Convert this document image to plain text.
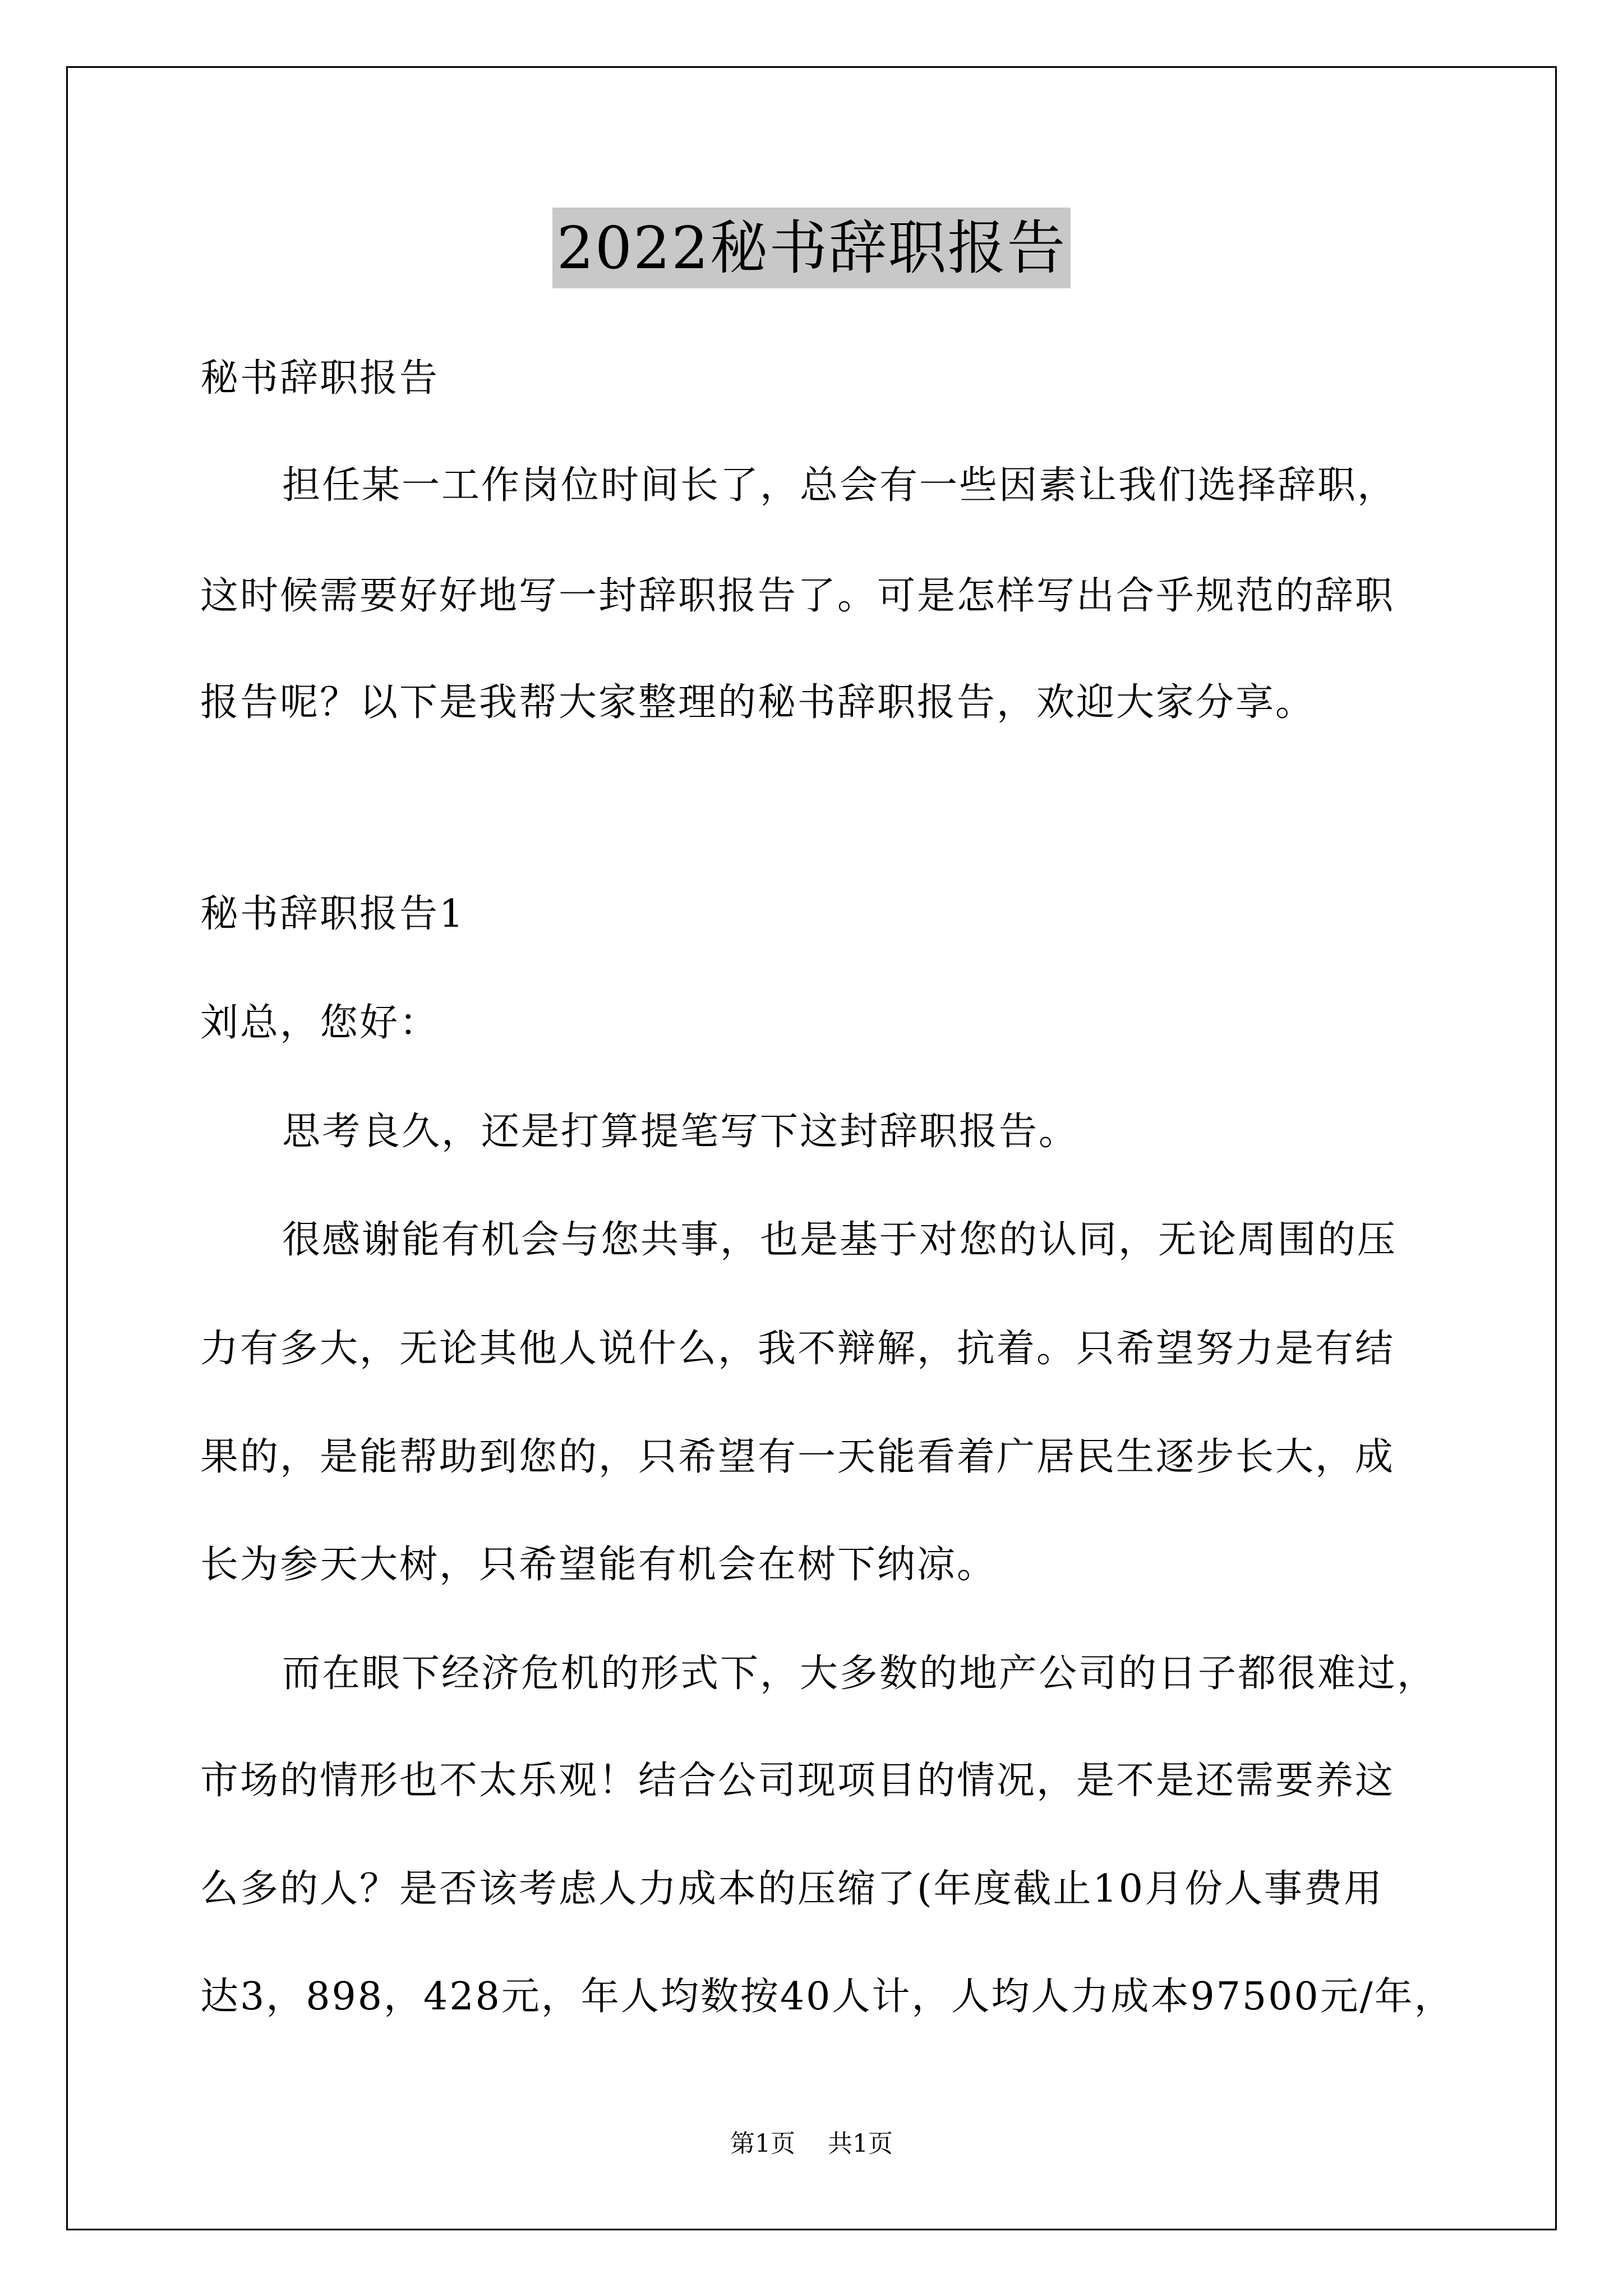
2022秘书辞职报告
秘书辞职报告
担任某一工作岗位时间长了，总会有一些因素让我们选择辞职，
这时候需要好好地写一封辞职报告了。可是怎样写出合乎规范的辞职
报告呢？以下是我帮大家整理的秘书辞职报告，欢迎大家分享。
秘书辞职报告1
刘总，您好：
思考良久，还是打算提笔写下这封辞职报告。
很感谢能有机会与您共事，也是基于对您的认同，无论周围的压
力有多大，无论其他人说什么，我不辩解，抗着。只希望努力是有结
果的，是能帮助到您的，只希望有一天能看着广居民生逐步长大，成
长为参天大树，只希望能有机会在树下纳凉。
而在眼下经济危机的形式下，大多数的地产公司的日子都很难过，
市场的情形也不太乐观！结合公司现项目的情况，是不是还需要养这
么多的人？是否该考虑人力成本的压缩了(年度截止10月份人事费用
达3，898，428元，年人均数按40人计，人均人力成本97500元/年，
第1页 共1页
